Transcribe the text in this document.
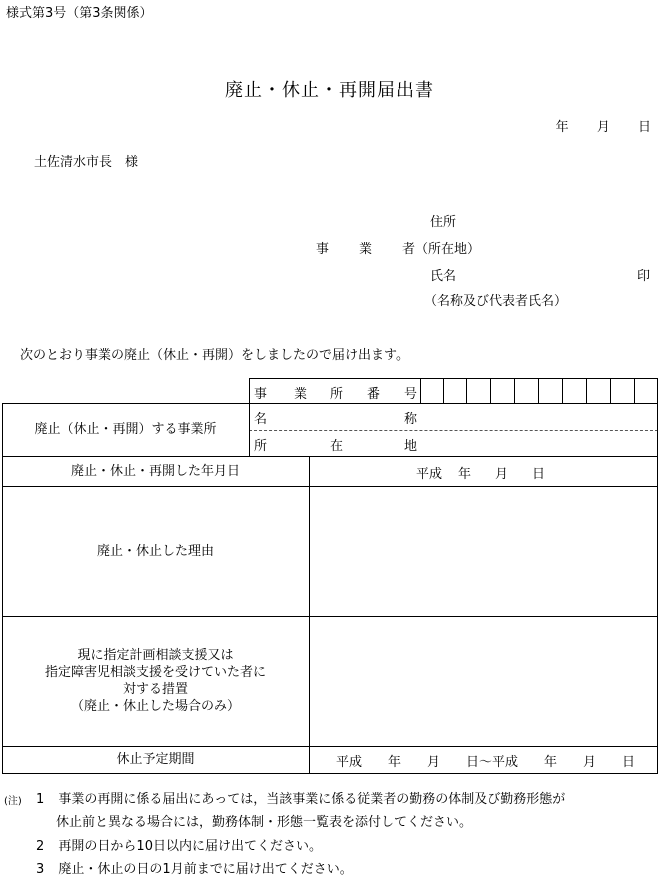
様式第3号（第3条関係）
廃止・休止・再開届出書
年 月 日
土佐清水市長　様
住所
事 業 者（所在地）
氏名	印
（名称及び代表者氏名）
次のとおり事業の廃止（休止・再開）をしましたので届け出ます。
事 業 所 番 号
廃止（休止・再開）する事業所
名	称
所	在	地
廃止・休止・再開した年月日	平成 年 月 日
廃止・休止した理由
現に指定計画相談支援又は
指定障害児相談支援を受けていた者に
対する措置
（廃止・休止した場合のみ）
休止予定期間	平成　　年　　月　　日～平成　　年　　月　　日
(注) 1 事業の再開に係る届出にあっては，当該事業に係る従業者の勤務の体制及び勤務形態が
休止前と異なる場合には，勤務体制・形態一覧表を添付してください。
2 再開の日から10日以内に届け出てください。
3 廃止・休止の日の1月前までに届け出てください。
